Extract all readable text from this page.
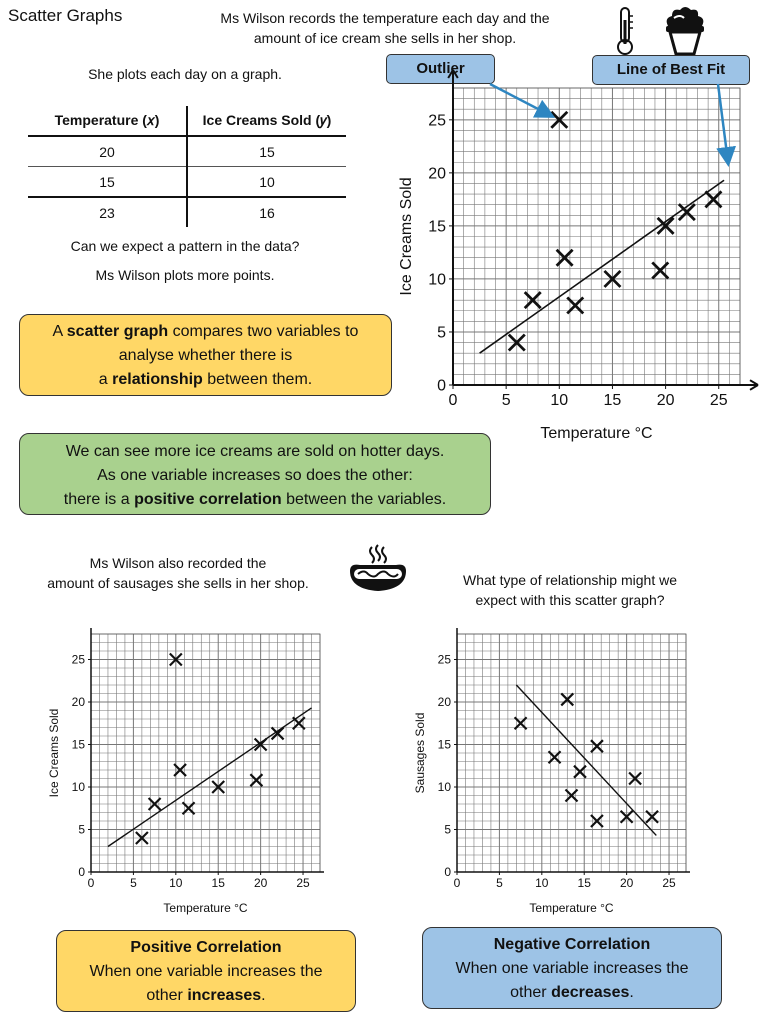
Scatter Graphs	Ms Wilson records the temperature each day and the
amount of ice cream she sells in her shop.
She plots each day on a graph.	Outlier	Line of Best Fit
Temperature (𝑥)	Ice Creams Sold (𝑦)
20	15
15	10
23	16
Can we expect a pattern in the data?
Ms Wilson plots more points.
A scatter graph compares two variables to
analyse whether there is
a relationship between them.
We can see more ice creams are sold on hotter days.
As one variable increases so does the other:
there is a positive correlation between the variables.
0	5 10 15 20 25
0
5
10
15
20
25
Temperature °C
Ice Creams Sold
Ms Wilson also recorded the
amount of sausages she sells in her shop.	What type of relationship might we
expect with this scatter graph?
0	5	10 15 20 25
0
5
10
15
20
25
Temperature °C
Ice Creams Sold
0	5	10 15 20 25
0
5
10
15
20
25
Temperature °C
Sausages Sold
Positive Correlation
When one variable increases the
other increases.
Negative Correlation
When one variable increases the
other decreases.
